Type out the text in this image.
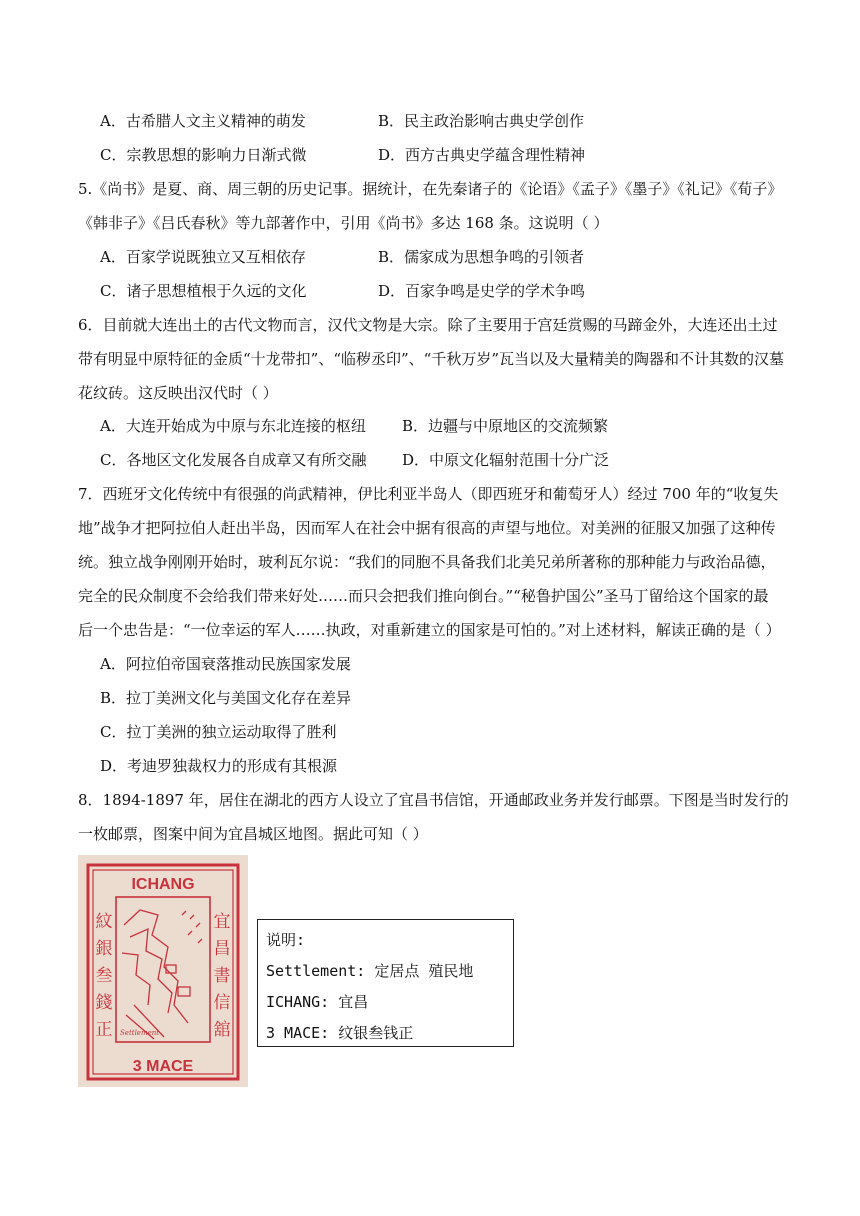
A．古希腊人文主义精神的萌发	B．民主政治影响古典史学创作
C．宗教思想的影响力日渐式微	D．西方古典史学蕴含理性精神
5.《尚书》是夏、商、周三朝的历史记事。据统计，在先秦诸子的《论语》《孟子》《墨子》《礼记》《荀子》
《韩非子》《吕氏春秋》等九部著作中，引用《尚书》多达 168 条。这说明（ ）
A．百家学说既独立又互相依存	B．儒家成为思想争鸣的引领者
C．诸子思想植根于久远的文化	D．百家争鸣是史学的学术争鸣
6．目前就大连出土的古代文物而言，汉代文物是大宗。除了主要用于宫廷赏赐的马蹄金外，大连还出土过
带有明显中原特征的金质“十龙带扣”、“临秽丞印”、“千秋万岁”瓦当以及大量精美的陶器和不计其数的汉墓
花纹砖。这反映出汉代时（ ）
A．大连开始成为中原与东北连接的枢纽 B．边疆与中原地区的交流频繁
C．各地区文化发展各自成章又有所交融 D．中原文化辐射范围十分广泛
7．西班牙文化传统中有很强的尚武精神，伊比利亚半岛人（即西班牙和葡萄牙人）经过 700 年的“收复失
地”战争才把阿拉伯人赶出半岛，因而军人在社会中据有很高的声望与地位。对美洲的征服又加强了这种传
统。独立战争刚刚开始时，玻利瓦尔说：“我们的同胞不具备我们北美兄弟所著称的那种能力与政治品德，
完全的民众制度不会给我们带来好处……而只会把我们推向倒台。”“秘鲁护国公”圣马丁留给这个国家的最
后一个忠告是：“一位幸运的军人……执政，对重新建立的国家是可怕的。”对上述材料，解读正确的是（ ）
A．阿拉伯帝国衰落推动民族国家发展
B．拉丁美洲文化与美国文化存在差异
C．拉丁美洲的独立运动取得了胜利
D．考迪罗独裁权力的形成有其根源
8．1894-1897 年，居住在湖北的西方人设立了宜昌书信馆，开通邮政业务并发行邮票。下图是当时发行的
一枚邮票，图案中间为宜昌城区地图。据此可知（ ）
ICHANG
紋
銀
叁
錢
正
宜
昌
書
信
舘
Settlement
3 MACE
说明:
Settlement: 定居点 殖民地
ICHANG: 宜昌
3 MACE: 纹银叁钱正
